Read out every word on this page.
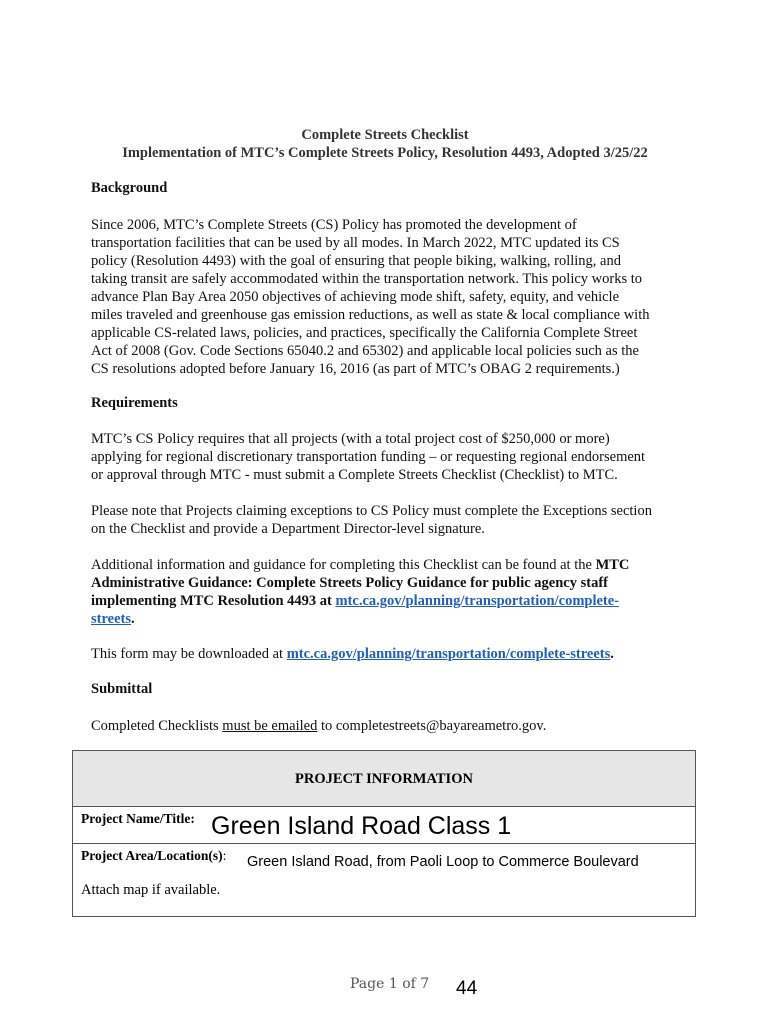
Complete Streets Checklist
Implementation of MTC’s Complete Streets Policy, Resolution 4493, Adopted 3/25/22
Background
Since 2006, MTC’s Complete Streets (CS) Policy has promoted the development of
transportation facilities that can be used by all modes. In March 2022, MTC updated its CS
policy (Resolution 4493) with the goal of ensuring that people biking, walking, rolling, and
taking transit are safely accommodated within the transportation network. This policy works to
advance Plan Bay Area 2050 objectives of achieving mode shift, safety, equity, and vehicle
miles traveled and greenhouse gas emission reductions, as well as state & local compliance with
applicable CS-related laws, policies, and practices, specifically the California Complete Street
Act of 2008 (Gov. Code Sections 65040.2 and 65302) and applicable local policies such as the
CS resolutions adopted before January 16, 2016 (as part of MTC’s OBAG 2 requirements.)
Requirements
MTC’s CS Policy requires that all projects (with a total project cost of $250,000 or more)
applying for regional discretionary transportation funding – or requesting regional endorsement
or approval through MTC - must submit a Complete Streets Checklist (Checklist) to MTC.
Please note that Projects claiming exceptions to CS Policy must complete the Exceptions section
on the Checklist and provide a Department Director-level signature.
Additional information and guidance for completing this Checklist can be found at the MTC
Administrative Guidance: Complete Streets Policy Guidance for public agency staff
implementing MTC Resolution 4493 at mtc.ca.gov/planning/transportation/complete-
streets.
This form may be downloaded at mtc.ca.gov/planning/transportation/complete-streets.
Submittal
Completed Checklists must be emailed to completestreets@bayareametro.gov.
PROJECT INFORMATION
Project Name/Title: Green Island Road Class 1
Project Area/Location(s): Green Island Road, from Paoli Loop to Commerce Boulevard
Attach map if available.
Page 1 of 7 44
